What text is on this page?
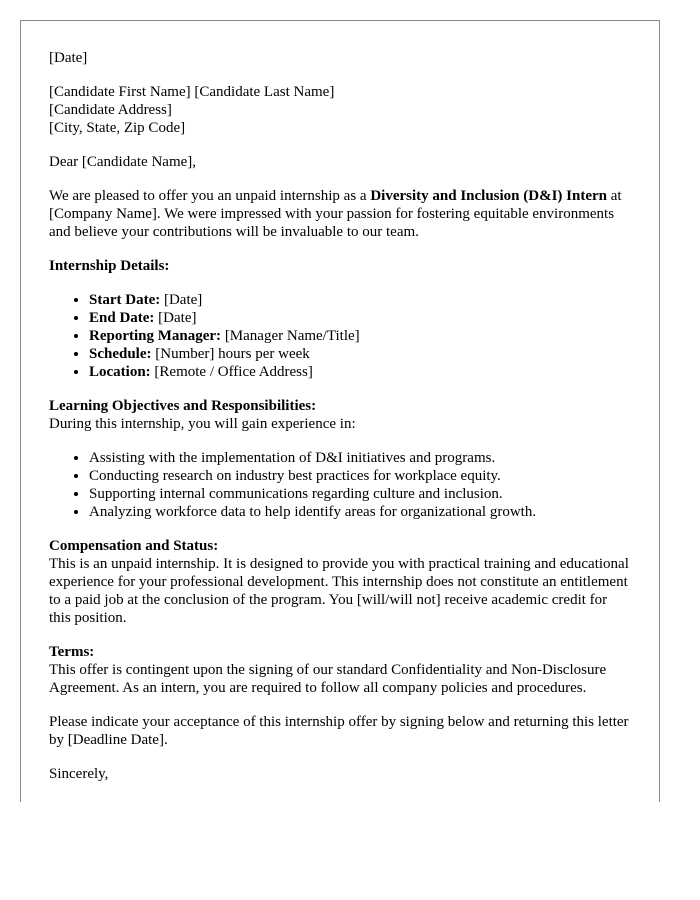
[Date]

[Candidate First Name] [Candidate Last Name]
[Candidate Address]
[City, State, Zip Code]

Dear [Candidate Name],

We are pleased to offer you an unpaid internship as a Diversity and Inclusion (D&I) Intern at [Company Name]. We were impressed with your passion for fostering equitable environments and believe your contributions will be invaluable to our team.

Internship Details:

• Start Date: [Date]
• End Date: [Date]
• Reporting Manager: [Manager Name/Title]
• Schedule: [Number] hours per week
• Location: [Remote / Office Address]

Learning Objectives and Responsibilities:
During this internship, you will gain experience in:

• Assisting with the implementation of D&I initiatives and programs.
• Conducting research on industry best practices for workplace equity.
• Supporting internal communications regarding culture and inclusion.
• Analyzing workforce data to help identify areas for organizational growth.

Compensation and Status:
This is an unpaid internship. It is designed to provide you with practical training and educational experience for your professional development. This internship does not constitute an entitlement to a paid job at the conclusion of the program. You [will/will not] receive academic credit for this position.

Terms:
This offer is contingent upon the signing of our standard Confidentiality and Non-Disclosure Agreement. As an intern, you are required to follow all company policies and procedures.

Please indicate your acceptance of this internship offer by signing below and returning this letter by [Deadline Date].

Sincerely,
